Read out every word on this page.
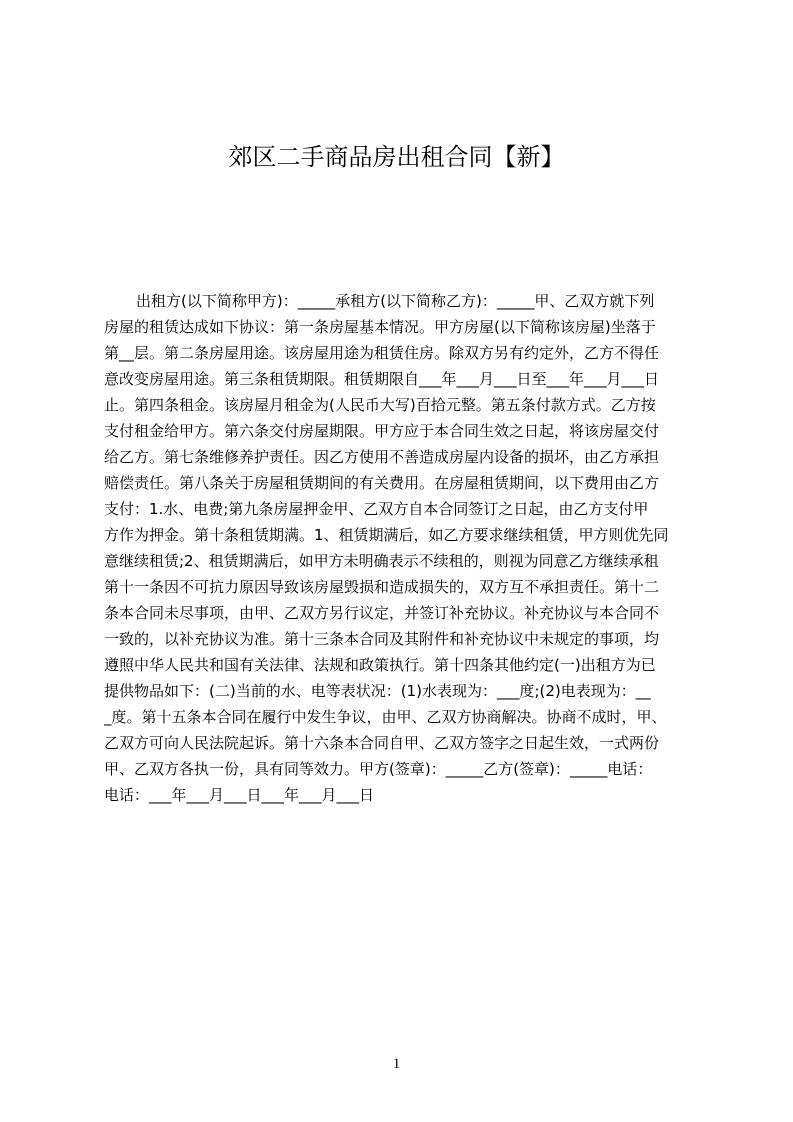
郊区二手商品房出租合同【新】
出租方(以下简称甲方)：_____承租方(以下简称乙方)：_____甲、乙双方就下列
房屋的租赁达成如下协议：第一条房屋基本情况。甲方房屋(以下简称该房屋)坐落于
第__层。第二条房屋用途。该房屋用途为租赁住房。除双方另有约定外，乙方不得任
意改变房屋用途。第三条租赁期限。租赁期限自___年___月___日至___年___月___日
止。第四条租金。该房屋月租金为(人民币大写)百拾元整。第五条付款方式。乙方按
支付租金给甲方。第六条交付房屋期限。甲方应于本合同生效之日起，将该房屋交付
给乙方。第七条维修养护责任。因乙方使用不善造成房屋内设备的损坏，由乙方承担
赔偿责任。第八条关于房屋租赁期间的有关费用。在房屋租赁期间，以下费用由乙方
支付：1.水、电费;第九条房屋押金甲、乙双方自本合同签订之日起，由乙方支付甲
方作为押金。第十条租赁期满。1、租赁期满后，如乙方要求继续租赁，甲方则优先同
意继续租赁;2、租赁期满后，如甲方未明确表示不续租的，则视为同意乙方继续承租
第十一条因不可抗力原因导致该房屋毁损和造成损失的，双方互不承担责任。第十二
条本合同未尽事项，由甲、乙双方另行议定，并签订补充协议。补充协议与本合同不
一致的，以补充协议为准。第十三条本合同及其附件和补充协议中未规定的事项，均
遵照中华人民共和国有关法律、法规和政策执行。第十四条其他约定(一)出租方为已
提供物品如下：(二)当前的水、电等表状况：(1)水表现为：___度;(2)电表现为：__
_度。第十五条本合同在履行中发生争议，由甲、乙双方协商解决。协商不成时，甲、
乙双方可向人民法院起诉。第十六条本合同自甲、乙双方签字之日起生效，一式两份
甲、乙双方各执一份，具有同等效力。甲方(签章)：_____乙方(签章)：_____电话：
电话：___年___月___日___年___月___日
1
